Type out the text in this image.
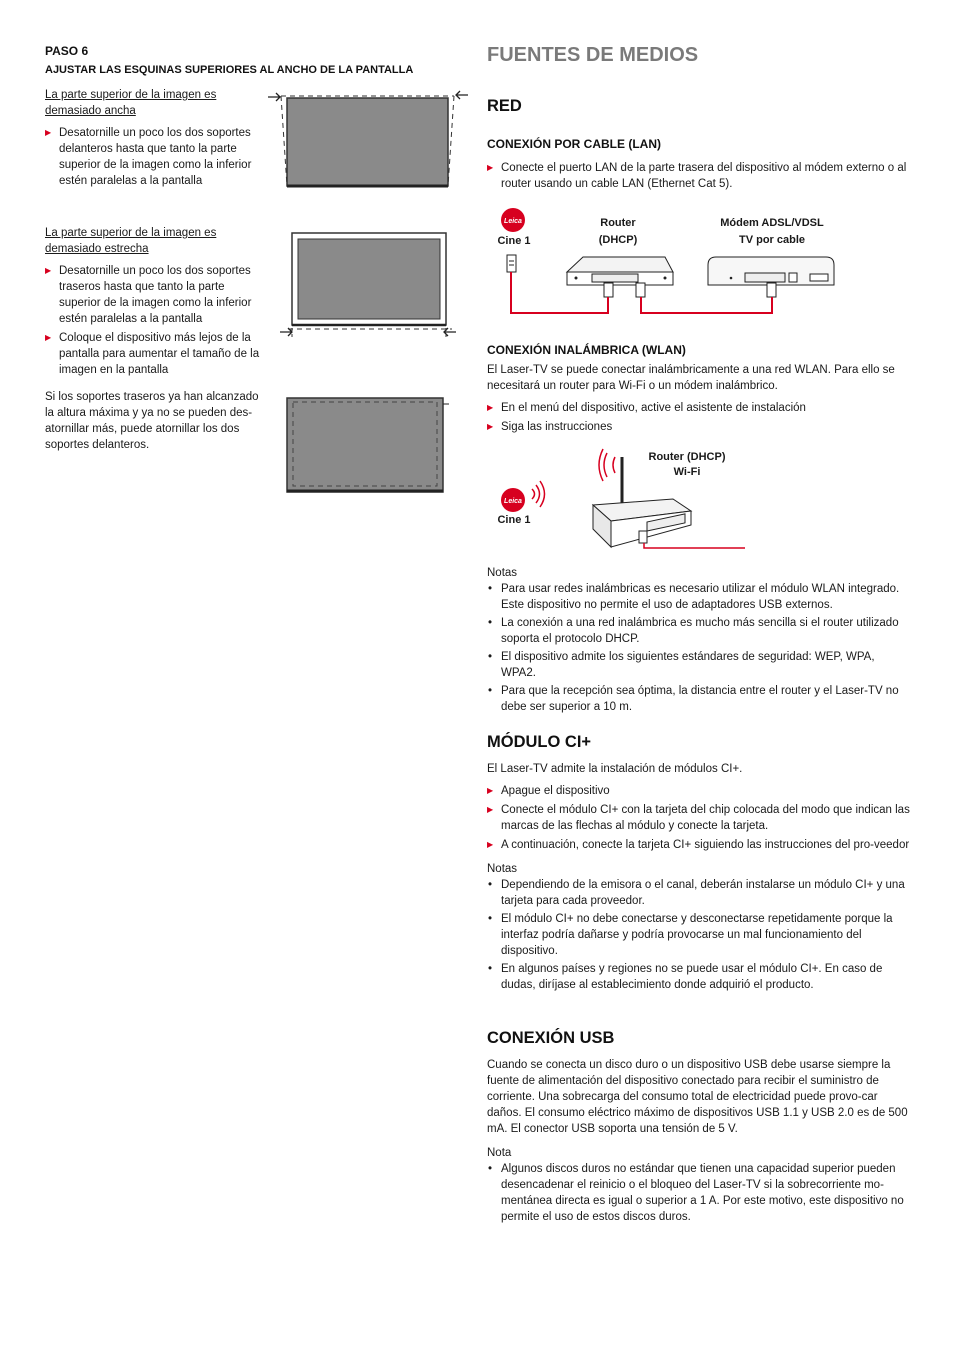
PASO 6

AJUSTAR LAS ESQUINAS SUPERIORES AL ANCHO DE LA PANTALLA

La parte superior de la imagen es

demasiado ancha

▶ Desatornille un poco los dos soportes delanteros hasta que tanto la parte superior de la imagen como la inferior estén paralelas a la pantalla

La parte superior de la imagen es

demasiado estrecha

▶ Desatornille un poco los dos soportes traseros hasta que tanto la parte superior de la imagen como la inferior estén paralelas a la pantalla

▶ Coloque el dispositivo más lejos de la pantalla para aumentar el tamaño de la imagen en la pantalla

Si los soportes traseros ya han alcanzado la altura máxima y ya no se pueden des-atornillar más, puede atornillar los dos soportes delanteros.

FUENTES DE MEDIOS

RED

CONEXIÓN POR CABLE (LAN)

▶ Conecte el puerto LAN de la parte trasera del dispositivo al módem externo o al router usando un cable LAN (Ethernet Cat 5).

Leica

Cine 1

Router

(DHCP)

Módem ADSL/VDSL

TV por cable

CONEXIÓN INALÁMBRICA (WLAN)

El Laser-TV se puede conectar inalámbricamente a una red WLAN. Para ello se necesitará un router para Wi-Fi o un módem inalámbrico.

▶ En el menú del dispositivo, active el asistente de instalación

▶ Siga las instrucciones

Leica

Router (DHCP)

Wi-Fi

Cine 1

Notas

• Para usar redes inalámbricas es necesario utilizar el módulo WLAN integrado. Este dispositivo no permite el uso de adaptadores USB externos.

• La conexión a una red inalámbrica es mucho más sencilla si el router utilizado soporta el protocolo DHCP.

• El dispositivo admite los siguientes estándares de seguridad: WEP, WPA, WPA2.

• Para que la recepción sea óptima, la distancia entre el router y el Laser-TV no debe ser superior a 10 m.

MÓDULO CI+

El Laser-TV admite la instalación de módulos CI+.

▶ Apague el dispositivo

▶ Conecte el módulo CI+ con la tarjeta del chip colocada del modo que indican las marcas de las flechas al módulo y conecte la tarjeta.

▶ A continuación, conecte la tarjeta CI+ siguiendo las instrucciones del pro-veedor

Notas

• Dependiendo de la emisora o el canal, deberán instalarse un módulo CI+ y una tarjeta para cada proveedor.

• El módulo CI+ no debe conectarse y desconectarse repetidamente porque la interfaz podría dañarse y podría provocarse un mal funcionamiento del dispositivo.

• En algunos países y regiones no se puede usar el módulo CI+. En caso de dudas, diríjase al establecimiento donde adquirió el producto.

CONEXIÓN USB

Cuando se conecta un disco duro o un dispositivo USB debe usarse siempre la fuente de alimentación del dispositivo conectado para recibir el suministro de corriente. Una sobrecarga del consumo total de electricidad puede provo-car daños. El consumo eléctrico máximo de dispositivos USB 1.1 y USB 2.0 es de 500 mA. El conector USB soporta una tensión de 5 V.

Nota

• Algunos discos duros no estándar que tienen una capacidad superior pueden desencadenar el reinicio o el bloqueo del Laser-TV si la sobrecorriente mo-mentánea directa es igual o superior a 1 A. Por este motivo, este dispositivo no permite el uso de estos discos duros.
